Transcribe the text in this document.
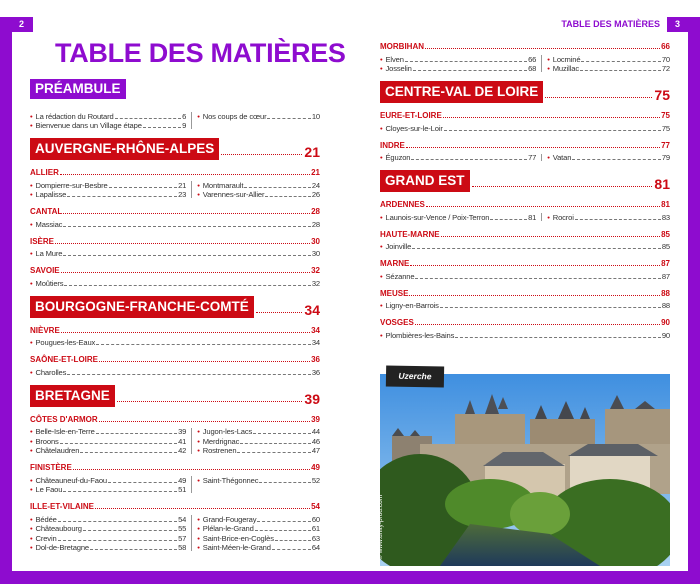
2	3
TABLE DES MATIÈRES
TABLE DES MATIÈRES
PRÉAMBULE
• La rédaction du Routard	6
• Bienvenue dans un Village étape	9
• Nos coups de cœur	10
AUVERGNE-RHÔNE-ALPES	21
ALLIER	21
• Dompierre-sur-Besbre	21
• Lapalisse	23
• Montmarault	24
• Varennes-sur-Allier	26
CANTAL	28
• Massiac	28
ISÈRE	30
• La Mure	30
SAVOIE	32
• Moûtiers	32
BOURGOGNE-FRANCHE-COMTÉ	34
NIÈVRE	34
• Pougues-les-Eaux	34
SAÔNE-ET-LOIRE	36
• Charolles	36
BRETAGNE	39
CÔTES D'ARMOR	39
• Belle-Isle-en-Terre	39
• Broons	41
• Châtelaudren	42
• Jugon-les-Lacs	44
• Merdrignac	46
• Rostrenen	47
FINISTÈRE	49
• Châteauneuf-du-Faou	49
• Le Faou	51
• Saint-Thégonnec	52
ILLE-ET-VILAINE	54
• Bédée	54
• Châteaubourg	55
• Crevin	57
• Dol-de-Bretagne	58
• Grand-Fougeray	60
• Plélan-le-Grand	61
• Saint-Brice-en-Coglès	63
• Saint-Méen-le-Grand	64
MORBIHAN	66
• Elven	66
• Josselin	68
• Locminé	70
• Muzillac	72
CENTRE-VAL DE LOIRE	75
EURE-ET-LOIRE	75
• Cloyes-sur-le-Loir	75
INDRE	77
• Éguzon	77 • Vatan	79
GRAND EST	81
ARDENNES	81
• Launois-sur-Vence / Poix-Terron	81 • Rocroi	83
HAUTE-MARNE	85
• Joinville	85
MARNE	87
• Sézanne	87
MEUSE	88
• Ligny-en-Barrois	88
VOSGES	90
• Plombières-les-Bains	90
Uzerche
© www.unity-prod.com
